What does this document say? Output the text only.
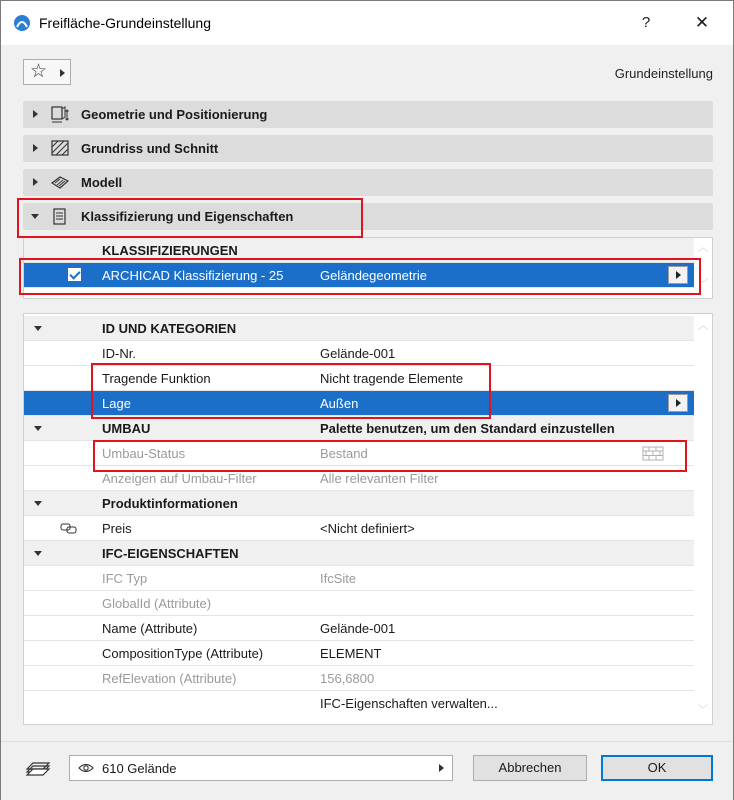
Freifläche-Grundeinstellung	?	✕
☆	Grundeinstellung
Geometrie und Positionierung
Grundriss und Schnitt
Modell
Klassifizierung und Eigenschaften
KLASSIFIZIERUNGEN
ARCHICAD Klassifizierung - 25	Geländegeometrie
︿
﹀
ID UND KATEGORIEN
ID-Nr.	Gelände-001
Tragende Funktion	Nicht tragende Elemente
Lage	Außen
UMBAU	Palette benutzen, um den Standard einzustellen
Umbau-Status	Bestand
Anzeigen auf Umbau-Filter	Alle relevanten Filter
Produktinformationen
Preis	<Nicht definiert>
IFC-EIGENSCHAFTEN
IFC Typ	IfcSite
GlobalId (Attribute)
Name (Attribute)	Gelände-001
CompositionType (Attribute)	ELEMENT
RefElevation (Attribute)	156,6800
IFC-Eigenschaften verwalten...
︿
﹀
610 Gelände	Abbrechen	OK
